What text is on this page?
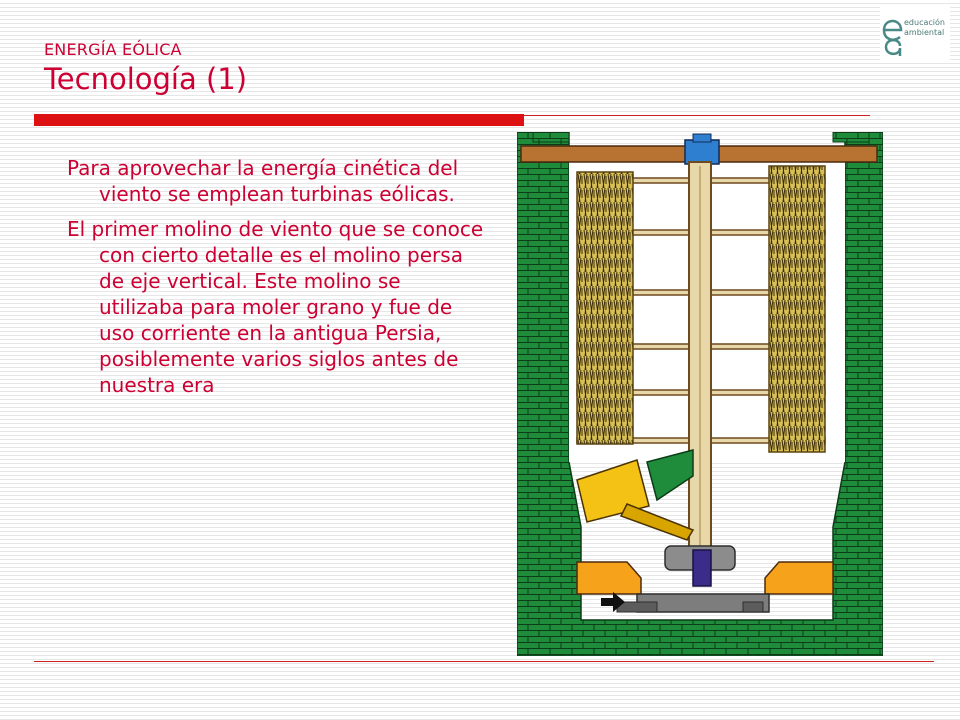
ENERGÍA EÓLICA
Tecnología (1)
educación
ambiental

Para aprovechar la energía cinética del viento se emplean turbinas eólicas.

El primer molino de viento que se conoce con cierto detalle es el molino persa de eje vertical. Este molino se utilizaba para moler grano y fue de uso corriente en la antigua Persia, posiblemente varios siglos antes de nuestra era
